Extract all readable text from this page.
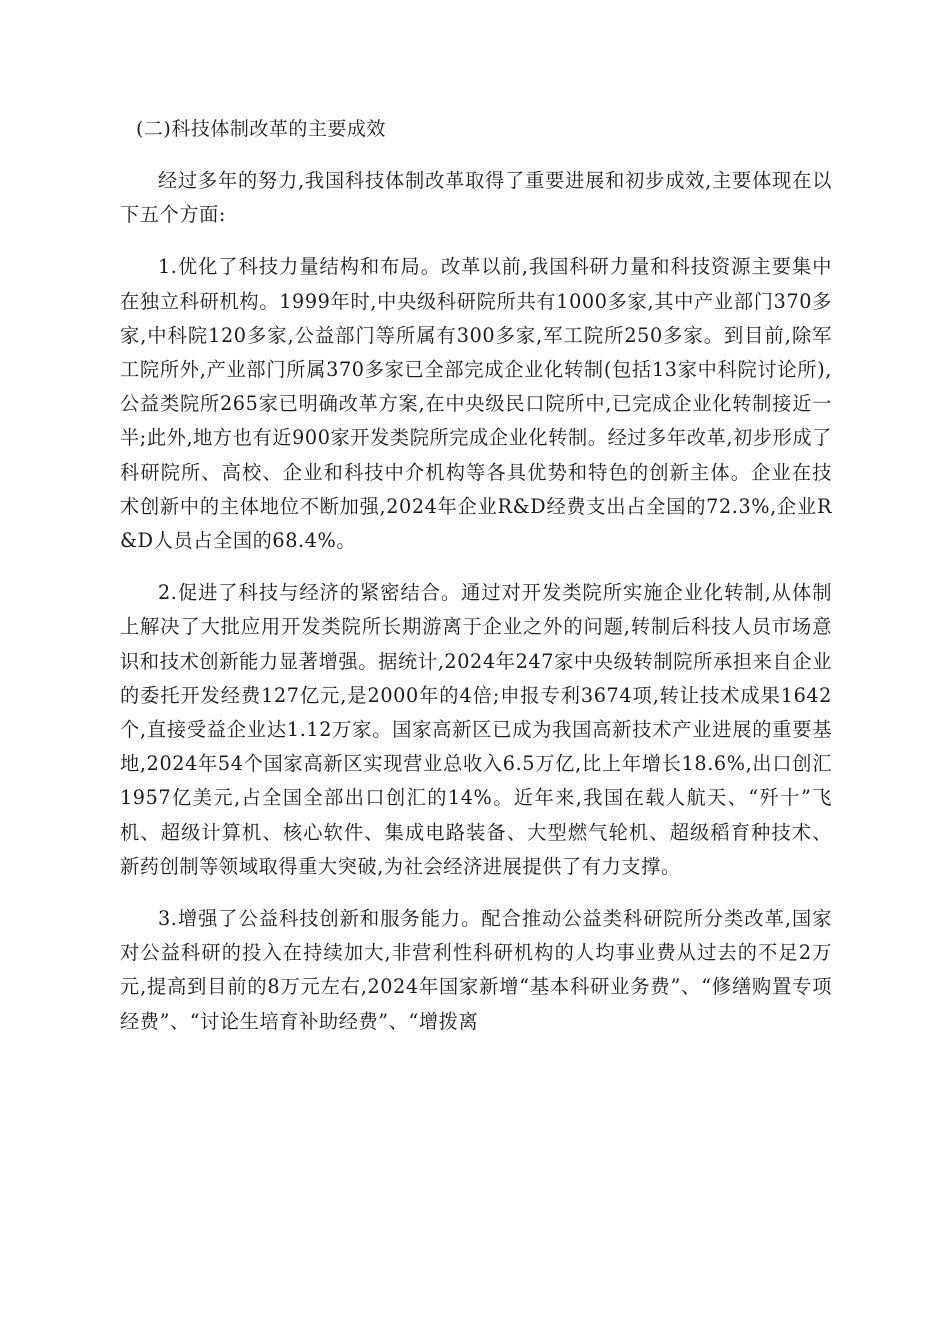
(二)科技体制改革的主要成效

经过多年的努力,我国科技体制改革取得了重要进展和初步成效,主要体现在以下五个方面:

1.优化了科技力量结构和布局。改革以前,我国科研力量和科技资源主要集中在独立科研机构。1999年时,中央级科研院所共有1000多家,其中产业部门370多家,中科院120多家,公益部门等所属有300多家,军工院所250多家。到目前,除军工院所外,产业部门所属370多家已全部完成企业化转制(包括13家中科院讨论所),公益类院所265家已明确改革方案,在中央级民口院所中,已完成企业化转制接近一半;此外,地方也有近900家开发类院所完成企业化转制。经过多年改革,初步形成了科研院所、高校、企业和科技中介机构等各具优势和特色的创新主体。企业在技术创新中的主体地位不断加强,2024年企业R&D经费支出占全国的72.3%,企业R&D人员占全国的68.4%。

2.促进了科技与经济的紧密结合。通过对开发类院所实施企业化转制,从体制上解决了大批应用开发类院所长期游离于企业之外的问题,转制后科技人员市场意识和技术创新能力显著增强。据统计,2024年247家中央级转制院所承担来自企业的委托开发经费127亿元,是2000年的4倍;申报专利3674项,转让技术成果1642个,直接受益企业达1.12万家。国家高新区已成为我国高新技术产业进展的重要基地,2024年54个国家高新区实现营业总收入6.5万亿,比上年增长18.6%,出口创汇1957亿美元,占全国全部出口创汇的14%。近年来,我国在载人航天、“歼十”飞机、超级计算机、核心软件、集成电路装备、大型燃气轮机、超级稻育种技术、新药创制等领域取得重大突破,为社会经济进展提供了有力支撑。

3.增强了公益科技创新和服务能力。配合推动公益类科研院所分类改革,国家对公益科研的投入在持续加大,非营利性科研机构的人均事业费从过去的不足2万元,提高到目前的8万元左右,2024年国家新增“基本科研业务费”、“修缮购置专项经费”、“讨论生培育补助经费”、“增拨离
